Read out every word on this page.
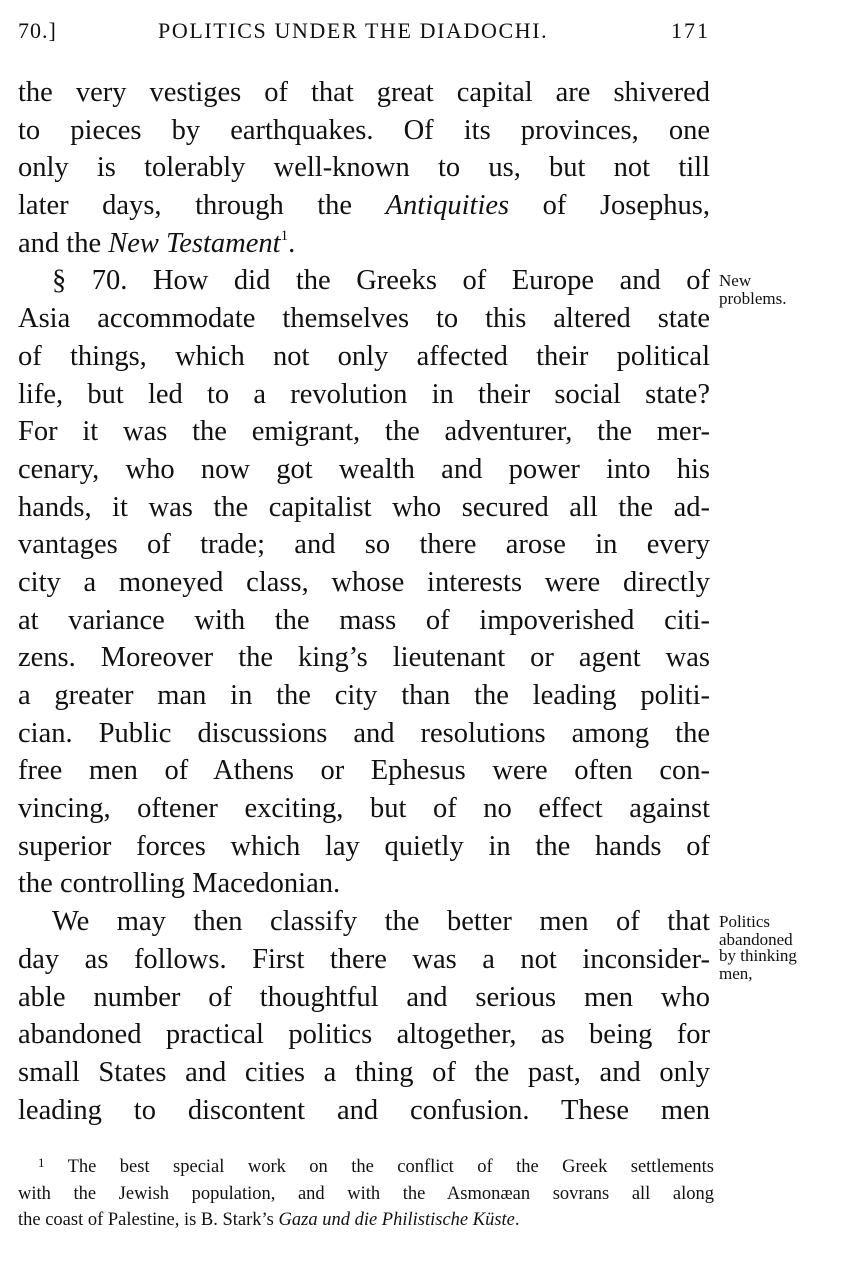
70.]	POLITICS UNDER THE DIADOCHI.	171
the very vestiges of that great capital are shivered
to pieces by earthquakes. Of its provinces, one
only is tolerably well-known to us, but not till
later days, through the Antiquities of Josephus,
and the New Testament$^1$.
§ 70. How did the Greeks of Europe and of
Asia accommodate themselves to this altered state
of things, which not only affected their political
life, but led to a revolution in their social state?
For it was the emigrant, the adventurer, the mer-
cenary, who now got wealth and power into his
hands, it was the capitalist who secured all the ad-
vantages of trade; and so there arose in every
city a moneyed class, whose interests were directly
at variance with the mass of impoverished citi-
zens. Moreover the king’s lieutenant or agent was
a greater man in the city than the leading politi-
cian. Public discussions and resolutions among the
free men of Athens or Ephesus were often con-
vincing, oftener exciting, but of no effect against
superior forces which lay quietly in the hands of
the controlling Macedonian.
We may then classify the better men of that
day as follows. First there was a not inconsider-
able number of thoughtful and serious men who
abandoned practical politics altogether, as being for
small States and cities a thing of the past, and only
leading to discontent and confusion. These men
New
problems.
Politics
abandoned
by thinking
men,
$^1$ The best special work on the conflict of the Greek settlements
with the Jewish population, and with the Asmonæan sovrans all along
the coast of Palestine, is B. Stark’s Gaza und die Philistische Küste.
